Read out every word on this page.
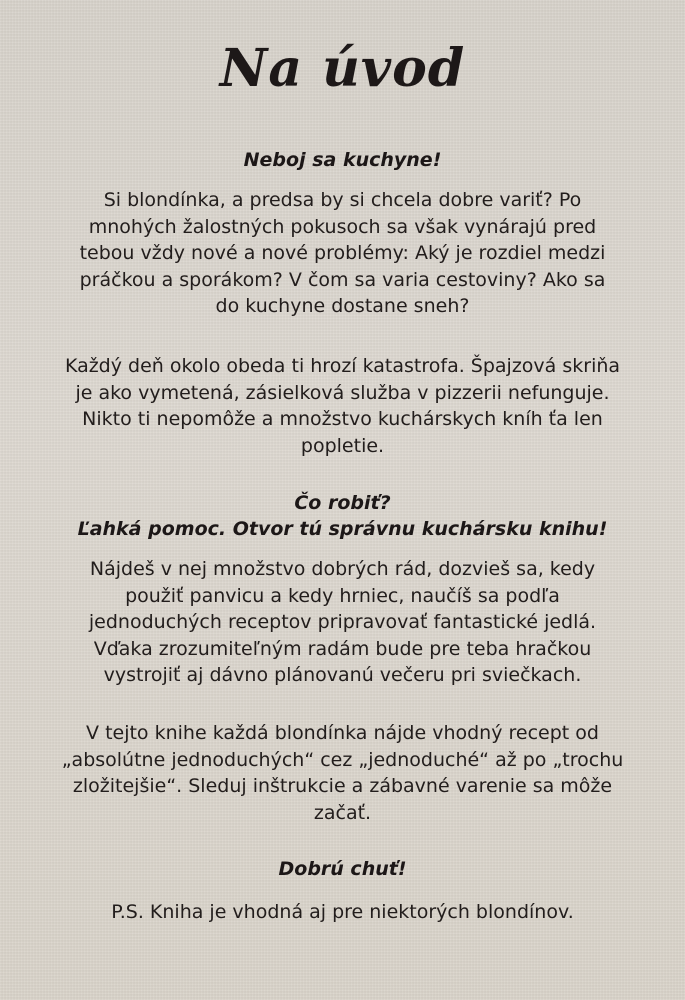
Na úvod
Neboj sa kuchyne!

Si blondínka, a predsa by si chcela dobre variť? Po
mnohých žalostných pokusoch sa však vynárajú pred
tebou vždy nové a nové problémy: Aký je rozdiel medzi
práčkou a sporákom? V čom sa varia cestoviny? Ako sa
do kuchyne dostane sneh?

Každý deň okolo obeda ti hrozí katastrofa. Špajzová skriňa
je ako vymetená, zásielková služba v pizzerii nefunguje.
Nikto ti nepomôže a množstvo kuchárskych kníh ťa len
popletie.

Čo robiť?
Ľahká pomoc. Otvor tú správnu kuchársku knihu!

Nájdeš v nej množstvo dobrých rád, dozvieš sa, kedy
použiť panvicu a kedy hrniec, naučíš sa podľa
jednoduchých receptov pripravovať fantastické jedlá.
Vďaka zrozumiteľným radám bude pre teba hračkou
vystrojiť aj dávno plánovanú večeru pri sviečkach.

V tejto knihe každá blondínka nájde vhodný recept od
„absolútne jednoduchých“ cez „jednoduché“ až po „trochu
zložitejšie“. Sleduj inštrukcie a zábavné varenie sa môže
začať.

Dobrú chuť!

P.S. Kniha je vhodná aj pre niektorých blondínov.
